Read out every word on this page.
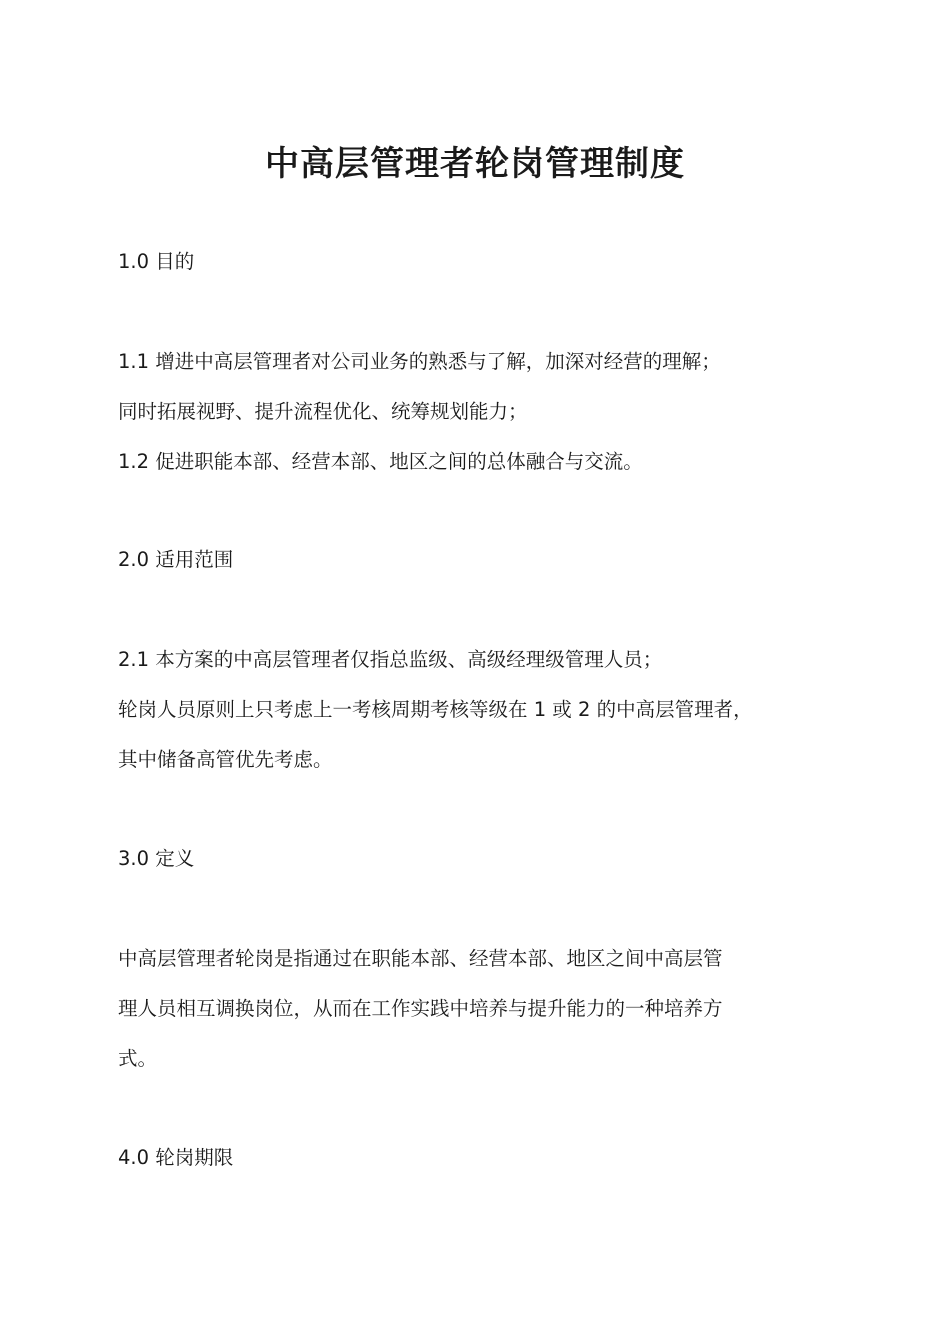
中高层管理者轮岗管理制度
1.0 目的
1.1 增进中高层管理者对公司业务的熟悉与了解，加深对经营的理解；
同时拓展视野、提升流程优化、统筹规划能力；
1.2 促进职能本部、经营本部、地区之间的总体融合与交流。
2.0 适用范围
2.1 本方案的中高层管理者仅指总监级、高级经理级管理人员；
轮岗人员原则上只考虑上一考核周期考核等级在 1 或 2 的中高层管理者，
其中储备高管优先考虑。
3.0 定义
中高层管理者轮岗是指通过在职能本部、经营本部、地区之间中高层管
理人员相互调换岗位，从而在工作实践中培养与提升能力的一种培养方
式。
4.0 轮岗期限
